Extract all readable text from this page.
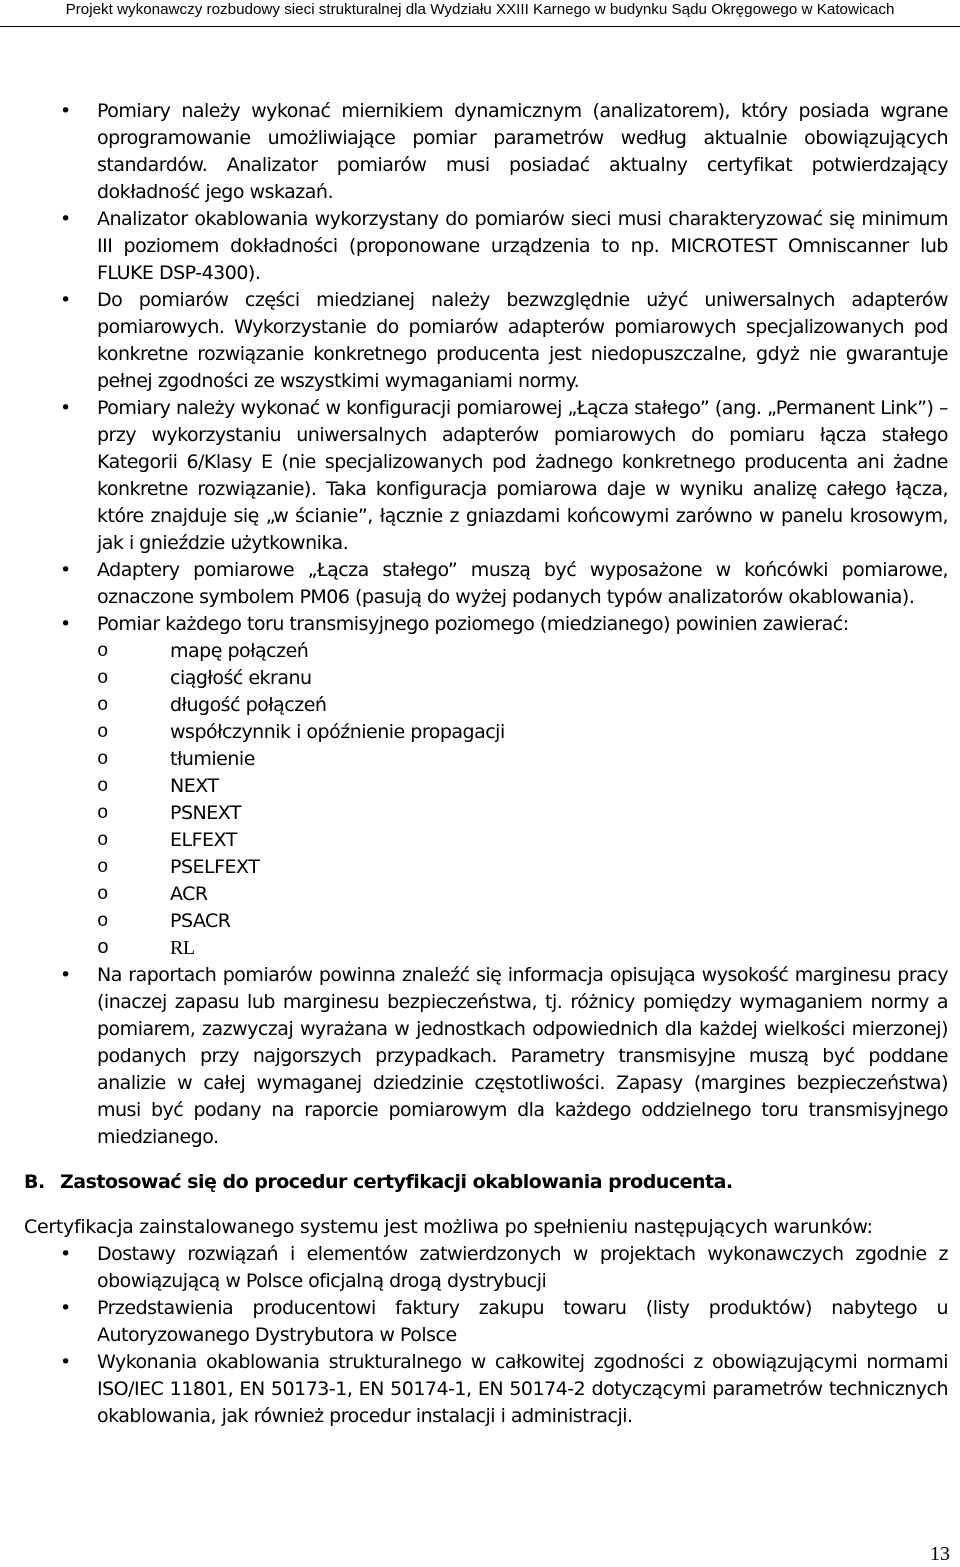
Projekt wykonawczy rozbudowy sieci strukturalnej dla Wydziału XXIII Karnego w budynku Sądu Okręgowego w Katowicach
• Pomiary należy wykonać miernikiem dynamicznym (analizatorem), który posiada wgrane oprogramowanie umożliwiające pomiar parametrów według aktualnie obowiązujących standardów. Analizator pomiarów musi posiadać aktualny certyfikat potwierdzający dokładność jego wskazań.
• Analizator okablowania wykorzystany do pomiarów sieci musi charakteryzować się minimum III poziomem dokładności (proponowane urządzenia to np. MICROTEST Omniscanner lub FLUKE DSP-4300).
• Do pomiarów części miedzianej należy bezwzględnie użyć uniwersalnych adapterów pomiarowych. Wykorzystanie do pomiarów adapterów pomiarowych specjalizowanych pod konkretne rozwiązanie konkretnego producenta jest niedopuszczalne, gdyż nie gwarantuje pełnej zgodności ze wszystkimi wymaganiami normy.
• Pomiary należy wykonać w konfiguracji pomiarowej „Łącza stałego” (ang. „Permanent Link”) – przy wykorzystaniu uniwersalnych adapterów pomiarowych do pomiaru łącza stałego Kategorii 6/Klasy E (nie specjalizowanych pod żadnego konkretnego producenta ani żadne konkretne rozwiązanie). Taka konfiguracja pomiarowa daje w wyniku analizę całego łącza, które znajduje się „w ścianie”, łącznie z gniazdami końcowymi zarówno w panelu krosowym, jak i gnieździe użytkownika.
• Adaptery pomiarowe „Łącza stałego” muszą być wyposażone w końcówki pomiarowe, oznaczone symbolem PM06 (pasują do wyżej podanych typów analizatorów okablowania).
• Pomiar każdego toru transmisyjnego poziomego (miedzianego) powinien zawierać:
o mapę połączeń
o ciągłość ekranu
o długość połączeń
o współczynnik i opóźnienie propagacji
o tłumienie
o NEXT
o PSNEXT
o ELFEXT
o PSELFEXT
o ACR
o PSACR
o RL
• Na raportach pomiarów powinna znaleźć się informacja opisująca wysokość marginesu pracy (inaczej zapasu lub marginesu bezpieczeństwa, tj. różnicy pomiędzy wymaganiem normy a pomiarem, zazwyczaj wyrażana w jednostkach odpowiednich dla każdej wielkości mierzonej) podanych przy najgorszych przypadkach. Parametry transmisyjne muszą być poddane analizie w całej wymaganej dziedzinie częstotliwości. Zapasy (margines bezpieczeństwa) musi być podany na raporcie pomiarowym dla każdego oddzielnego toru transmisyjnego miedzianego.
B. Zastosować się do procedur certyfikacji okablowania producenta.
Certyfikacja zainstalowanego systemu jest możliwa po spełnieniu następujących warunków:
• Dostawy rozwiązań i elementów zatwierdzonych w projektach wykonawczych zgodnie z obowiązującą w Polsce oficjalną drogą dystrybucji
• Przedstawienia producentowi faktury zakupu towaru (listy produktów) nabytego u Autoryzowanego Dystrybutora w Polsce
• Wykonania okablowania strukturalnego w całkowitej zgodności z obowiązującymi normami ISO/IEC 11801, EN 50173-1, EN 50174-1, EN 50174-2 dotyczącymi parametrów technicznych okablowania, jak również procedur instalacji i administracji.
13
